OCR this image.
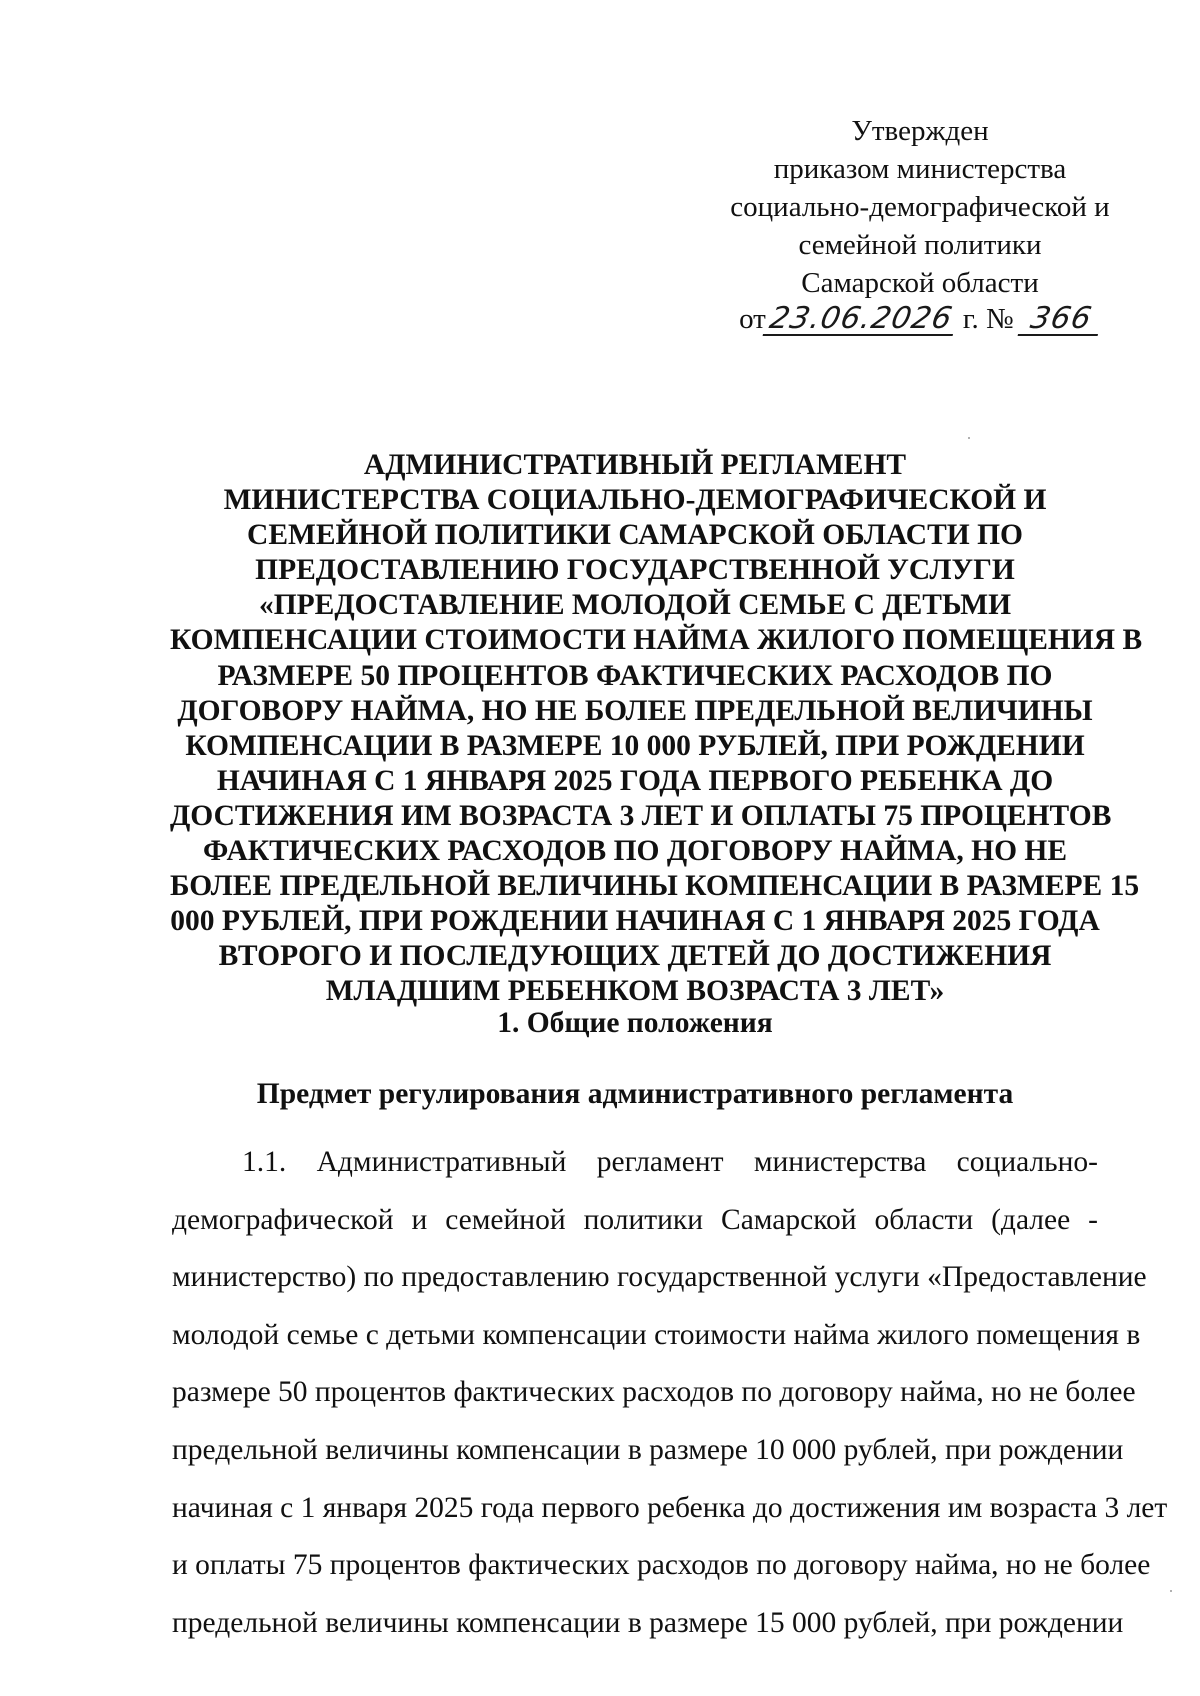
Утвержден
приказом министерства
социально-демографической и
семейной политики
Самарской области
от23.06.2026 г. № 366
АДМИНИСТРАТИВНЫЙ РЕГЛАМЕНТ
МИНИСТЕРСТВА СОЦИАЛЬНО-ДЕМОГРАФИЧЕСКОЙ И
СЕМЕЙНОЙ ПОЛИТИКИ САМАРСКОЙ ОБЛАСТИ ПО
ПРЕДОСТАВЛЕНИЮ ГОСУДАРСТВЕННОЙ УСЛУГИ
«ПРЕДОСТАВЛЕНИЕ МОЛОДОЙ СЕМЬЕ С ДЕТЬМИ
КОМПЕНСАЦИИ СТОИМОСТИ НАЙМА ЖИЛОГО ПОМЕЩЕНИЯ В
РАЗМЕРЕ 50 ПРОЦЕНТОВ ФАКТИЧЕСКИХ РАСХОДОВ ПО
ДОГОВОРУ НАЙМА, НО НЕ БОЛЕЕ ПРЕДЕЛЬНОЙ ВЕЛИЧИНЫ
КОМПЕНСАЦИИ В РАЗМЕРЕ 10 000 РУБЛЕЙ, ПРИ РОЖДЕНИИ
НАЧИНАЯ С 1 ЯНВАРЯ 2025 ГОДА ПЕРВОГО РЕБЕНКА ДО
ДОСТИЖЕНИЯ ИМ ВОЗРАСТА 3 ЛЕТ И ОПЛАТЫ 75 ПРОЦЕНТОВ
ФАКТИЧЕСКИХ РАСХОДОВ ПО ДОГОВОРУ НАЙМА, НО НЕ
БОЛЕЕ ПРЕДЕЛЬНОЙ ВЕЛИЧИНЫ КОМПЕНСАЦИИ В РАЗМЕРЕ 15
000 РУБЛЕЙ, ПРИ РОЖДЕНИИ НАЧИНАЯ С 1 ЯНВАРЯ 2025 ГОДА
ВТОРОГО И ПОСЛЕДУЮЩИХ ДЕТЕЙ ДО ДОСТИЖЕНИЯ
МЛАДШИМ РЕБЕНКОМ ВОЗРАСТА 3 ЛЕТ»
1. Общие положения
Предмет регулирования административного регламента
1.1. Административный регламент министерства социально-
демографической и семейной политики Самарской области (далее -
министерство) по предоставлению государственной услуги «Предоставление
молодой семье с детьми компенсации стоимости найма жилого помещения в
размере 50 процентов фактических расходов по договору найма, но не более
предельной величины компенсации в размере 10 000 рублей, при рождении
начиная с 1 января 2025 года первого ребенка до достижения им возраста 3 лет
и оплаты 75 процентов фактических расходов по договору найма, но не более
предельной величины компенсации в размере 15 000 рублей, при рождении
